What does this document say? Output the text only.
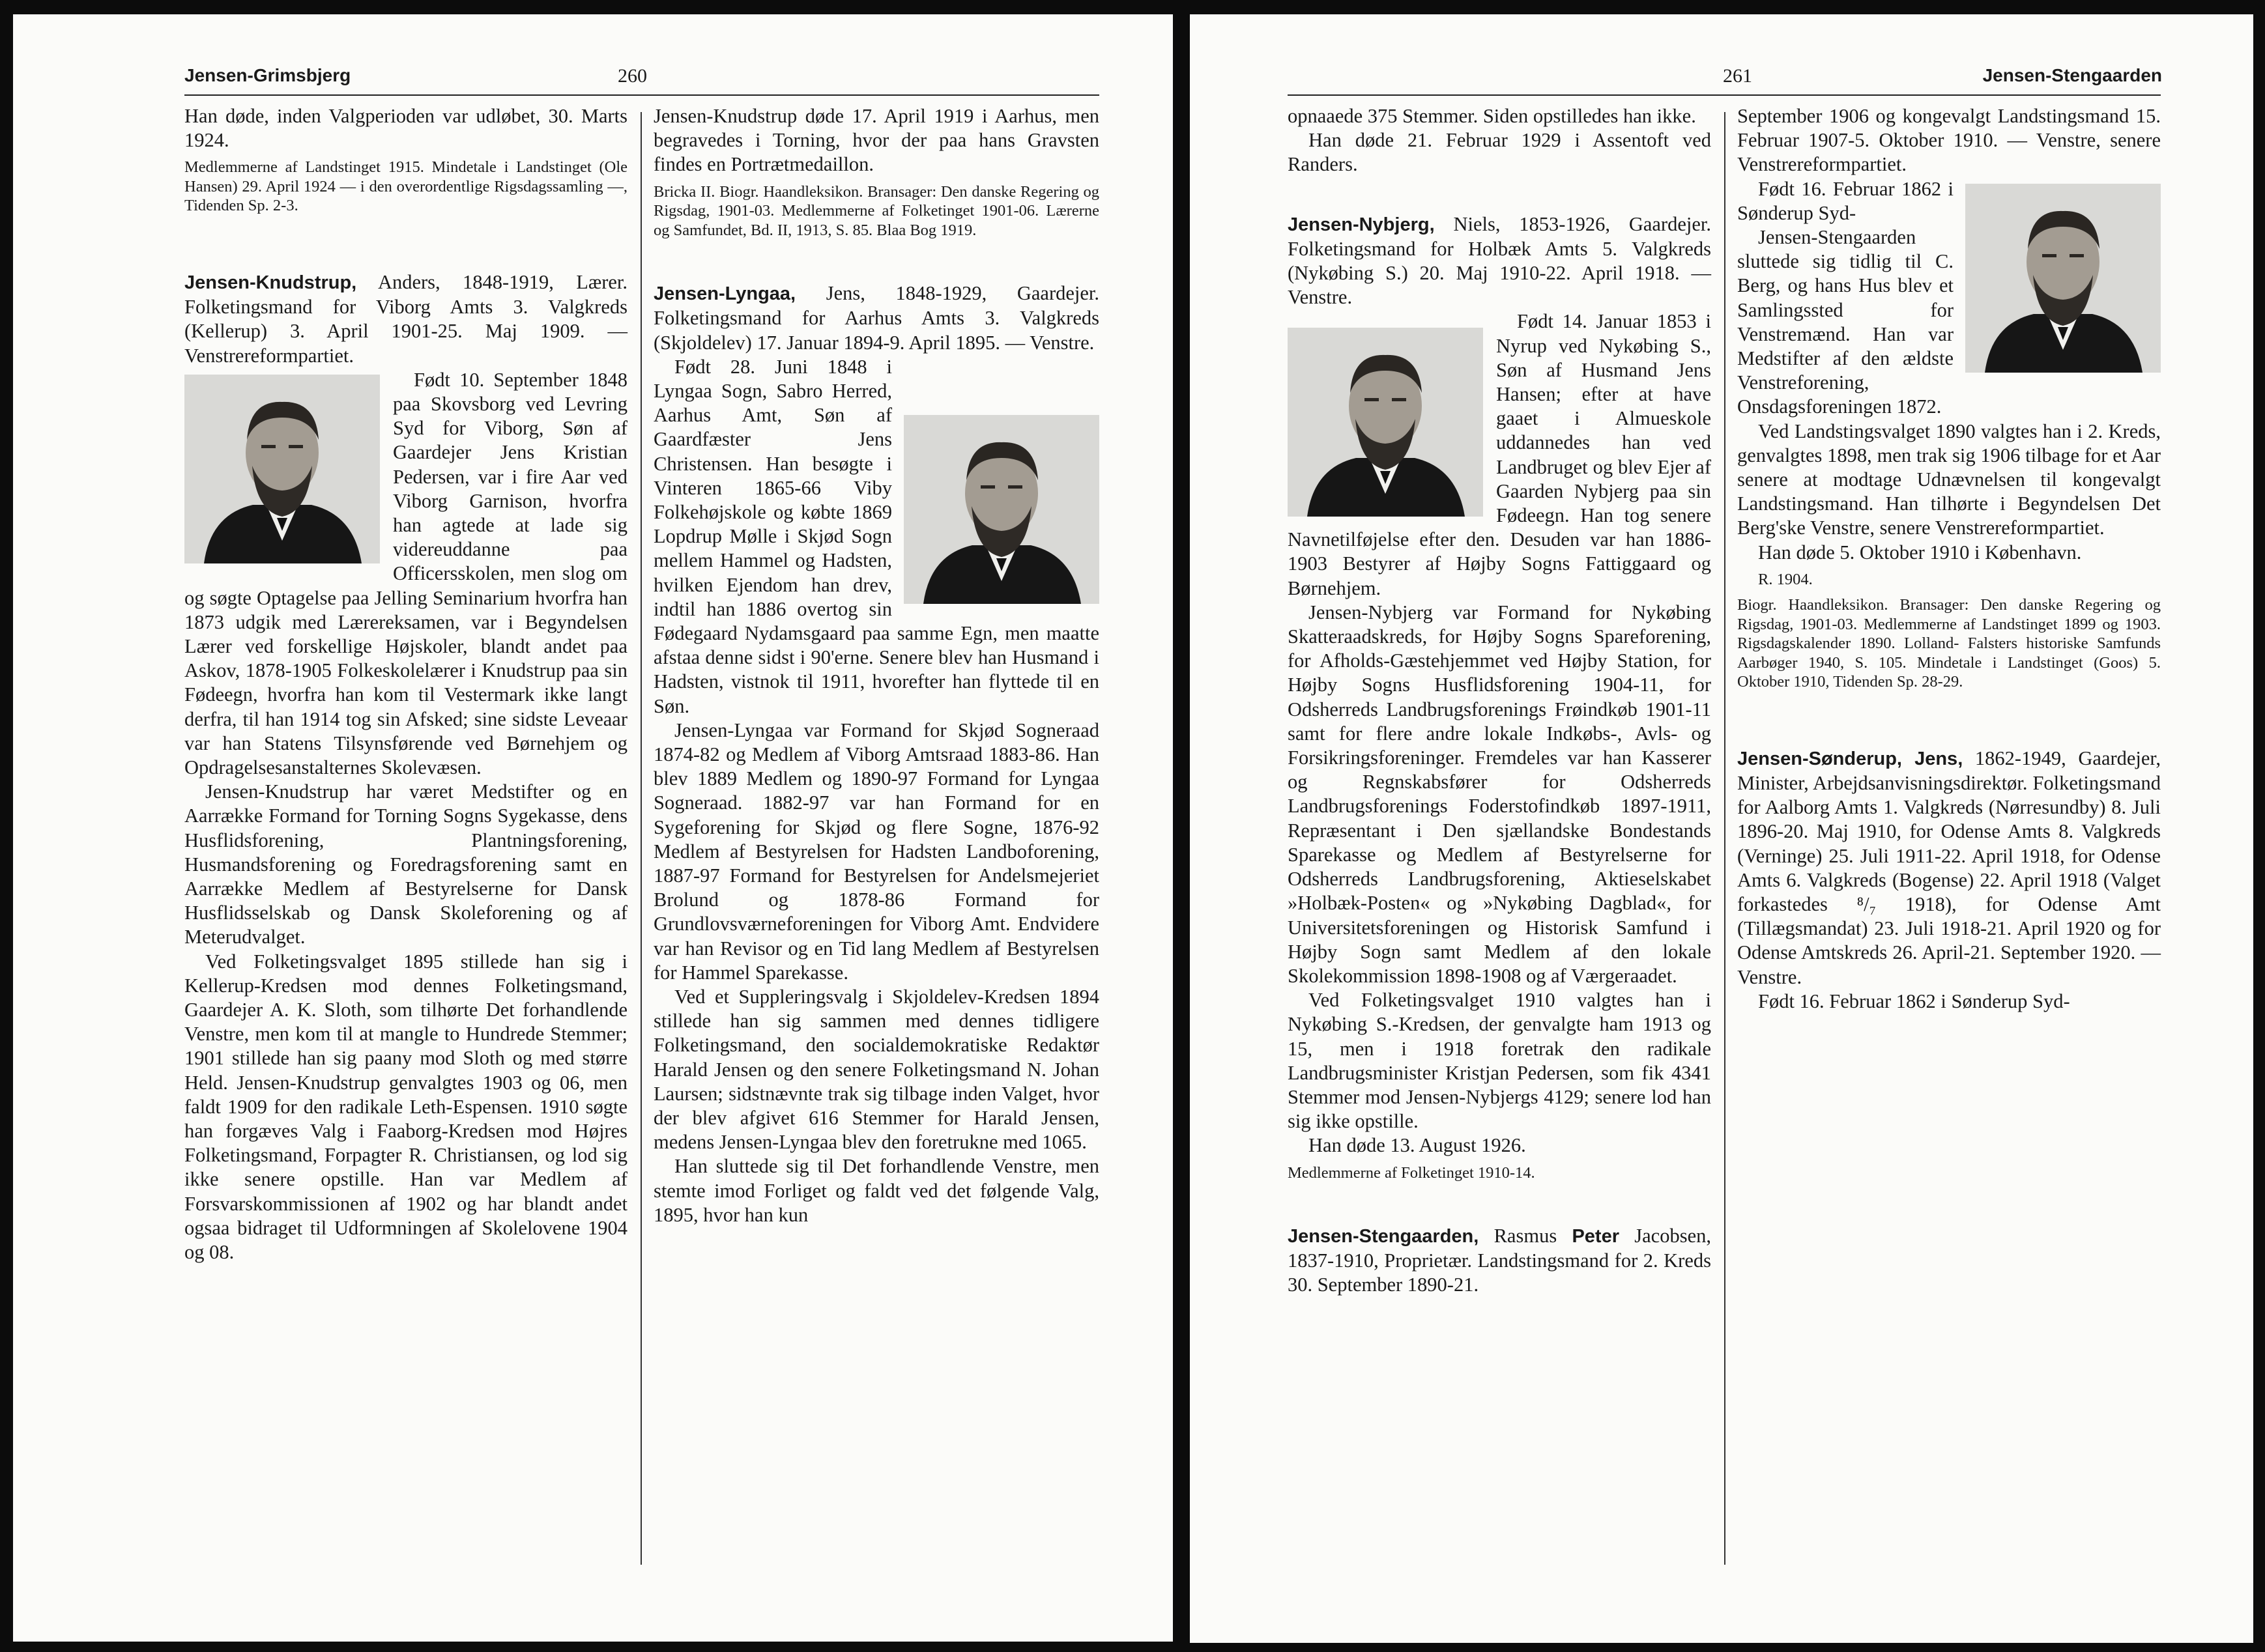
Jensen-Grimsbjerg	260

Han døde, inden Valgperioden var udløbet, 30. Marts 1924.

Medlemmerne af Landstinget 1915. Mindetale i Landstinget (Ole Hansen) 29. April 1924 — i den overordentlige Rigsdagssamling —, Tidenden Sp. 2-3.

Jensen-Knudstrup, Anders, 1848-1919, Lærer. Folketingsmand for Viborg Amts 3. Valgkreds (Kellerup) 3. April 1901-25. Maj 1909. — Venstrereformpartiet.

Født 10. September 1848 paa Skovsborg ved Levring Syd for Viborg, Søn af Gaardejer Jens Kristian Pedersen, var i fire Aar ved Viborg Garnison, hvorfra han agtede at lade sig videreuddanne paa Officersskolen, men slog om og søgte Optagelse paa Jelling Seminarium hvorfra han 1873 udgik med Lærereksamen, var i Begyndelsen Lærer ved forskellige Højskoler, blandt andet paa Askov, 1878-1905 Folkeskolelærer i Knudstrup paa sin Fødeegn, hvorfra han kom til Vestermark ikke langt derfra, til han 1914 tog sin Afsked; sine sidste Leveaar var han Statens Tilsynsførende ved Børnehjem og Opdragelsesanstalternes Skolevæsen.

Jensen-Knudstrup har været Medstifter og en Aarrække Formand for Torning Sogns Sygekasse, dens Husflidsforening, Plantningsforening, Husmandsforening og Foredragsforening samt en Aarrække Medlem af Bestyrelserne for Dansk Husflidsselskab og Dansk Skoleforening og af Meterudvalget.

Ved Folketingsvalget 1895 stillede han sig i Kellerup-Kredsen mod dennes Folketingsmand, Gaardejer A. K. Sloth, som tilhørte Det forhandlende Venstre, men kom til at mangle to Hundrede Stemmer; 1901 stillede han sig paany mod Sloth og med større Held. Jensen-Knudstrup genvalgtes 1903 og 06, men faldt 1909 for den radikale Leth-Espensen. 1910 søgte han forgæves Valg i Faaborg-Kredsen mod Højres Folketingsmand, Forpagter R. Christiansen, og lod sig ikke senere opstille. Han var Medlem af Forsvarskommissionen af 1902 og har blandt andet ogsaa bidraget til Udformningen af Skolelovene 1904 og 08.

Jensen-Knudstrup døde 17. April 1919 i Aarhus, men begravedes i Torning, hvor der paa hans Gravsten findes en Portrætmedaillon.

Bricka II. Biogr. Haandleksikon. Bransager: Den danske Regering og Rigsdag, 1901-03. Medlemmerne af Folketinget 1901-06. Lærerne og Samfundet, Bd. II, 1913, S. 85. Blaa Bog 1919.

Jensen-Lyngaa, Jens, 1848-1929, Gaardejer. Folketingsmand for Aarhus Amts 3. Valgkreds (Skjoldelev) 17. Januar 1894-9. April 1895. — Venstre.

Født 28. Juni 1848 i Lyngaa Sogn, Sabro Herred, Aarhus Amt, Søn af Gaardfæster Jens Christensen. Han besøgte i Vinteren 1865-66 Viby Folkehøjskole og købte 1869 Lopdrup Mølle i Skjød Sogn mellem Hammel og Hadsten, hvilken Ejendom han drev, indtil han 1886 overtog sin Fødegaard Nydamsgaard paa samme Egn, men maatte afstaa denne sidst i 90'erne. Senere blev han Husmand i Hadsten, vistnok til 1911, hvorefter han flyttede til en Søn.

Jensen-Lyngaa var Formand for Skjød Sogneraad 1874-82 og Medlem af Viborg Amtsraad 1883-86. Han blev 1889 Medlem og 1890-97 Formand for Lyngaa Sogneraad. 1882-97 var han Formand for en Sygeforening for Skjød og flere Sogne, 1876-92 Medlem af Bestyrelsen for Hadsten Landboforening, 1887-97 Formand for Bestyrelsen for Andelsmejeriet Brolund og 1878-86 Formand for Grundlovsværneforeningen for Viborg Amt. Endvidere var han Revisor og en Tid lang Medlem af Bestyrelsen for Hammel Sparekasse.

Ved et Suppleringsvalg i Skjoldelev-Kredsen 1894 stillede han sig sammen med dennes tidligere Folketingsmand, den socialdemokratiske Redaktør Harald Jensen og den senere Folketingsmand N. Johan Laursen; sidstnævnte trak sig tilbage inden Valget, hvor der blev afgivet 616 Stemmer for Harald Jensen, medens Jensen-Lyngaa blev den foretrukne med 1065.

Han sluttede sig til Det forhandlende Venstre, men stemte imod Forliget og faldt ved det følgende Valg, 1895, hvor han kun

261	Jensen-Stengaarden

opnaaede 375 Stemmer. Siden opstilledes han ikke.

Han døde 21. Februar 1929 i Assentoft ved Randers.

Jensen-Nybjerg, Niels, 1853-1926, Gaardejer. Folketingsmand for Holbæk Amts 5. Valgkreds (Nykøbing S.) 20. Maj 1910-22. April 1918. — Venstre.

Født 14. Januar 1853 i Nyrup ved Nykøbing S., Søn af Husmand Jens Hansen; efter at have gaaet i Almueskole uddannedes han ved Landbruget og blev Ejer af Gaarden Nybjerg paa sin Fødeegn. Han tog senere Navnetilføjelse efter den. Desuden var han 1886-1903 Bestyrer af Højby Sogns Fattiggaard og Børnehjem.

Jensen-Nybjerg var Formand for Nykøbing Skatteraadskreds, for Højby Sogns Spareforening, for Afholds-Gæstehjemmet ved Højby Station, for Højby Sogns Husflidsforening 1904-11, for Odsherreds Landbrugsforenings Frøindkøb 1901-11 samt for flere andre lokale Indkøbs-, Avls- og Forsikringsforeninger. Fremdeles var han Kasserer og Regnskabsfører for Odsherreds Landbrugsforenings Foderstofindkøb 1897-1911, Repræsentant i Den sjællandske Bondestands Sparekasse og Medlem af Bestyrelserne for Odsherreds Landbrugsforening, Aktieselskabet »Holbæk-Posten« og »Nykøbing Dagblad«, for Universitetsforeningen og Historisk Samfund i Højby Sogn samt Medlem af den lokale Skolekommission 1898-1908 og af Værgeraadet.

Ved Folketingsvalget 1910 valgtes han i Nykøbing S.-Kredsen, der genvalgte ham 1913 og 15, men i 1918 foretrak den radikale Landbrugsminister Kristjan Pedersen, som fik 4341 Stemmer mod Jensen-Nybjergs 4129; senere lod han sig ikke opstille.

Han døde 13. August 1926.

Medlemmerne af Folketinget 1910-14.

Jensen-Stengaarden, Rasmus Peter Jacobsen, 1837-1910, Proprietær. Landstingsmand for 2. Kreds 30. September 1890-21.

September 1906 og kongevalgt Landstingsmand 15. Februar 1907-5. Oktober 1910. — Venstre, senere Venstrereformpartiet.

Født 16. Februar 1862 i Sønderup Syd-

Jensen-Stengaarden sluttede sig tidlig til C. Berg, og hans Hus blev et Samlingssted for Venstremænd. Han var Medstifter af den ældste Venstreforening, Onsdagsforeningen 1872.

Ved Landstingsvalget 1890 valgtes han i 2. Kreds, genvalgtes 1898, men trak sig 1906 tilbage for et Aar senere at modtage Udnævnelsen til kongevalgt Landstingsmand. Han tilhørte i Begyndelsen Det Berg'ske Venstre, senere Venstrereformpartiet.

Han døde 5. Oktober 1910 i København.

R. 1904.

Biogr. Haandleksikon. Bransager: Den danske Regering og Rigsdag, 1901-03. Medlemmerne af Landstinget 1899 og 1903. Rigsdagskalender 1890. Lolland- Falsters historiske Samfunds Aarbøger 1940, S. 105. Mindetale i Landstinget (Goos) 5. Oktober 1910, Tidenden Sp. 28-29.

Jensen-Sønderup, Jens, 1862-1949, Gaardejer, Minister, Arbejdsanvisningsdirektør. Folketingsmand for Aalborg Amts 1. Valgkreds (Nørresundby) 8. Juli 1896-20. Maj 1910, for Odense Amts 8. Valgkreds (Verninge) 25. Juli 1911-22. April 1918, for Odense Amts 6. Valgkreds (Bogense) 22. April 1918 (Valget forkastedes ⁸/₇ 1918), for Odense Amt (Tillægsmandat) 23. Juli 1918-21. April 1920 og for Odense Amtskreds 26. April-21. September 1920. — Venstre.

Født 16. Februar 1862 i Sønderup Syd-
